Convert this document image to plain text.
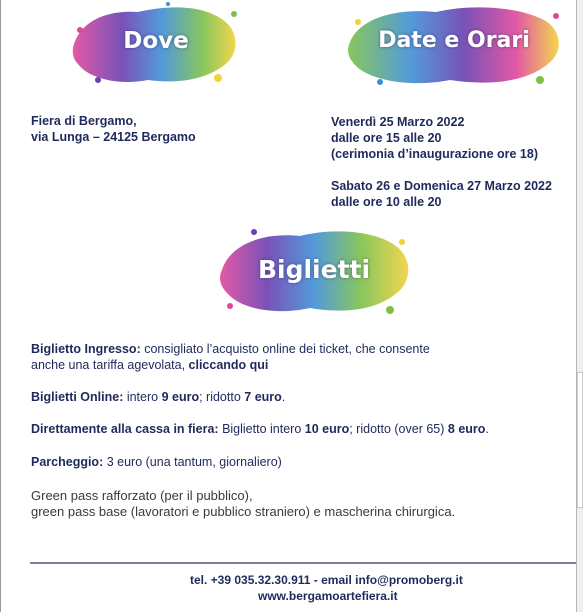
Dove	Date e Orari
Fiera di Bergamo,
via Lunga – 24125 Bergamo
Venerdì 25 Marzo 2022
dalle ore 15 alle 20
(cerimonia d’inaugurazione ore 18)
Sabato 26 e Domenica 27 Marzo 2022
dalle ore 10 alle 20
Biglietti
Biglietto Ingresso: consigliato l’acquisto online dei ticket, che consente
anche una tariffa agevolata, cliccando qui
Biglietti Online: intero 9 euro; ridotto 7 euro.
Direttamente alla cassa in fiera: Biglietto intero 10 euro; ridotto (over 65) 8 euro.
Parcheggio: 3 euro (una tantum, giornaliero)
Green pass rafforzato (per il pubblico),
green pass base (lavoratori e pubblico straniero) e mascherina chirurgica.
tel. +39 035.32.30.911 - email info@promoberg.it
www.bergamoartefiera.it
